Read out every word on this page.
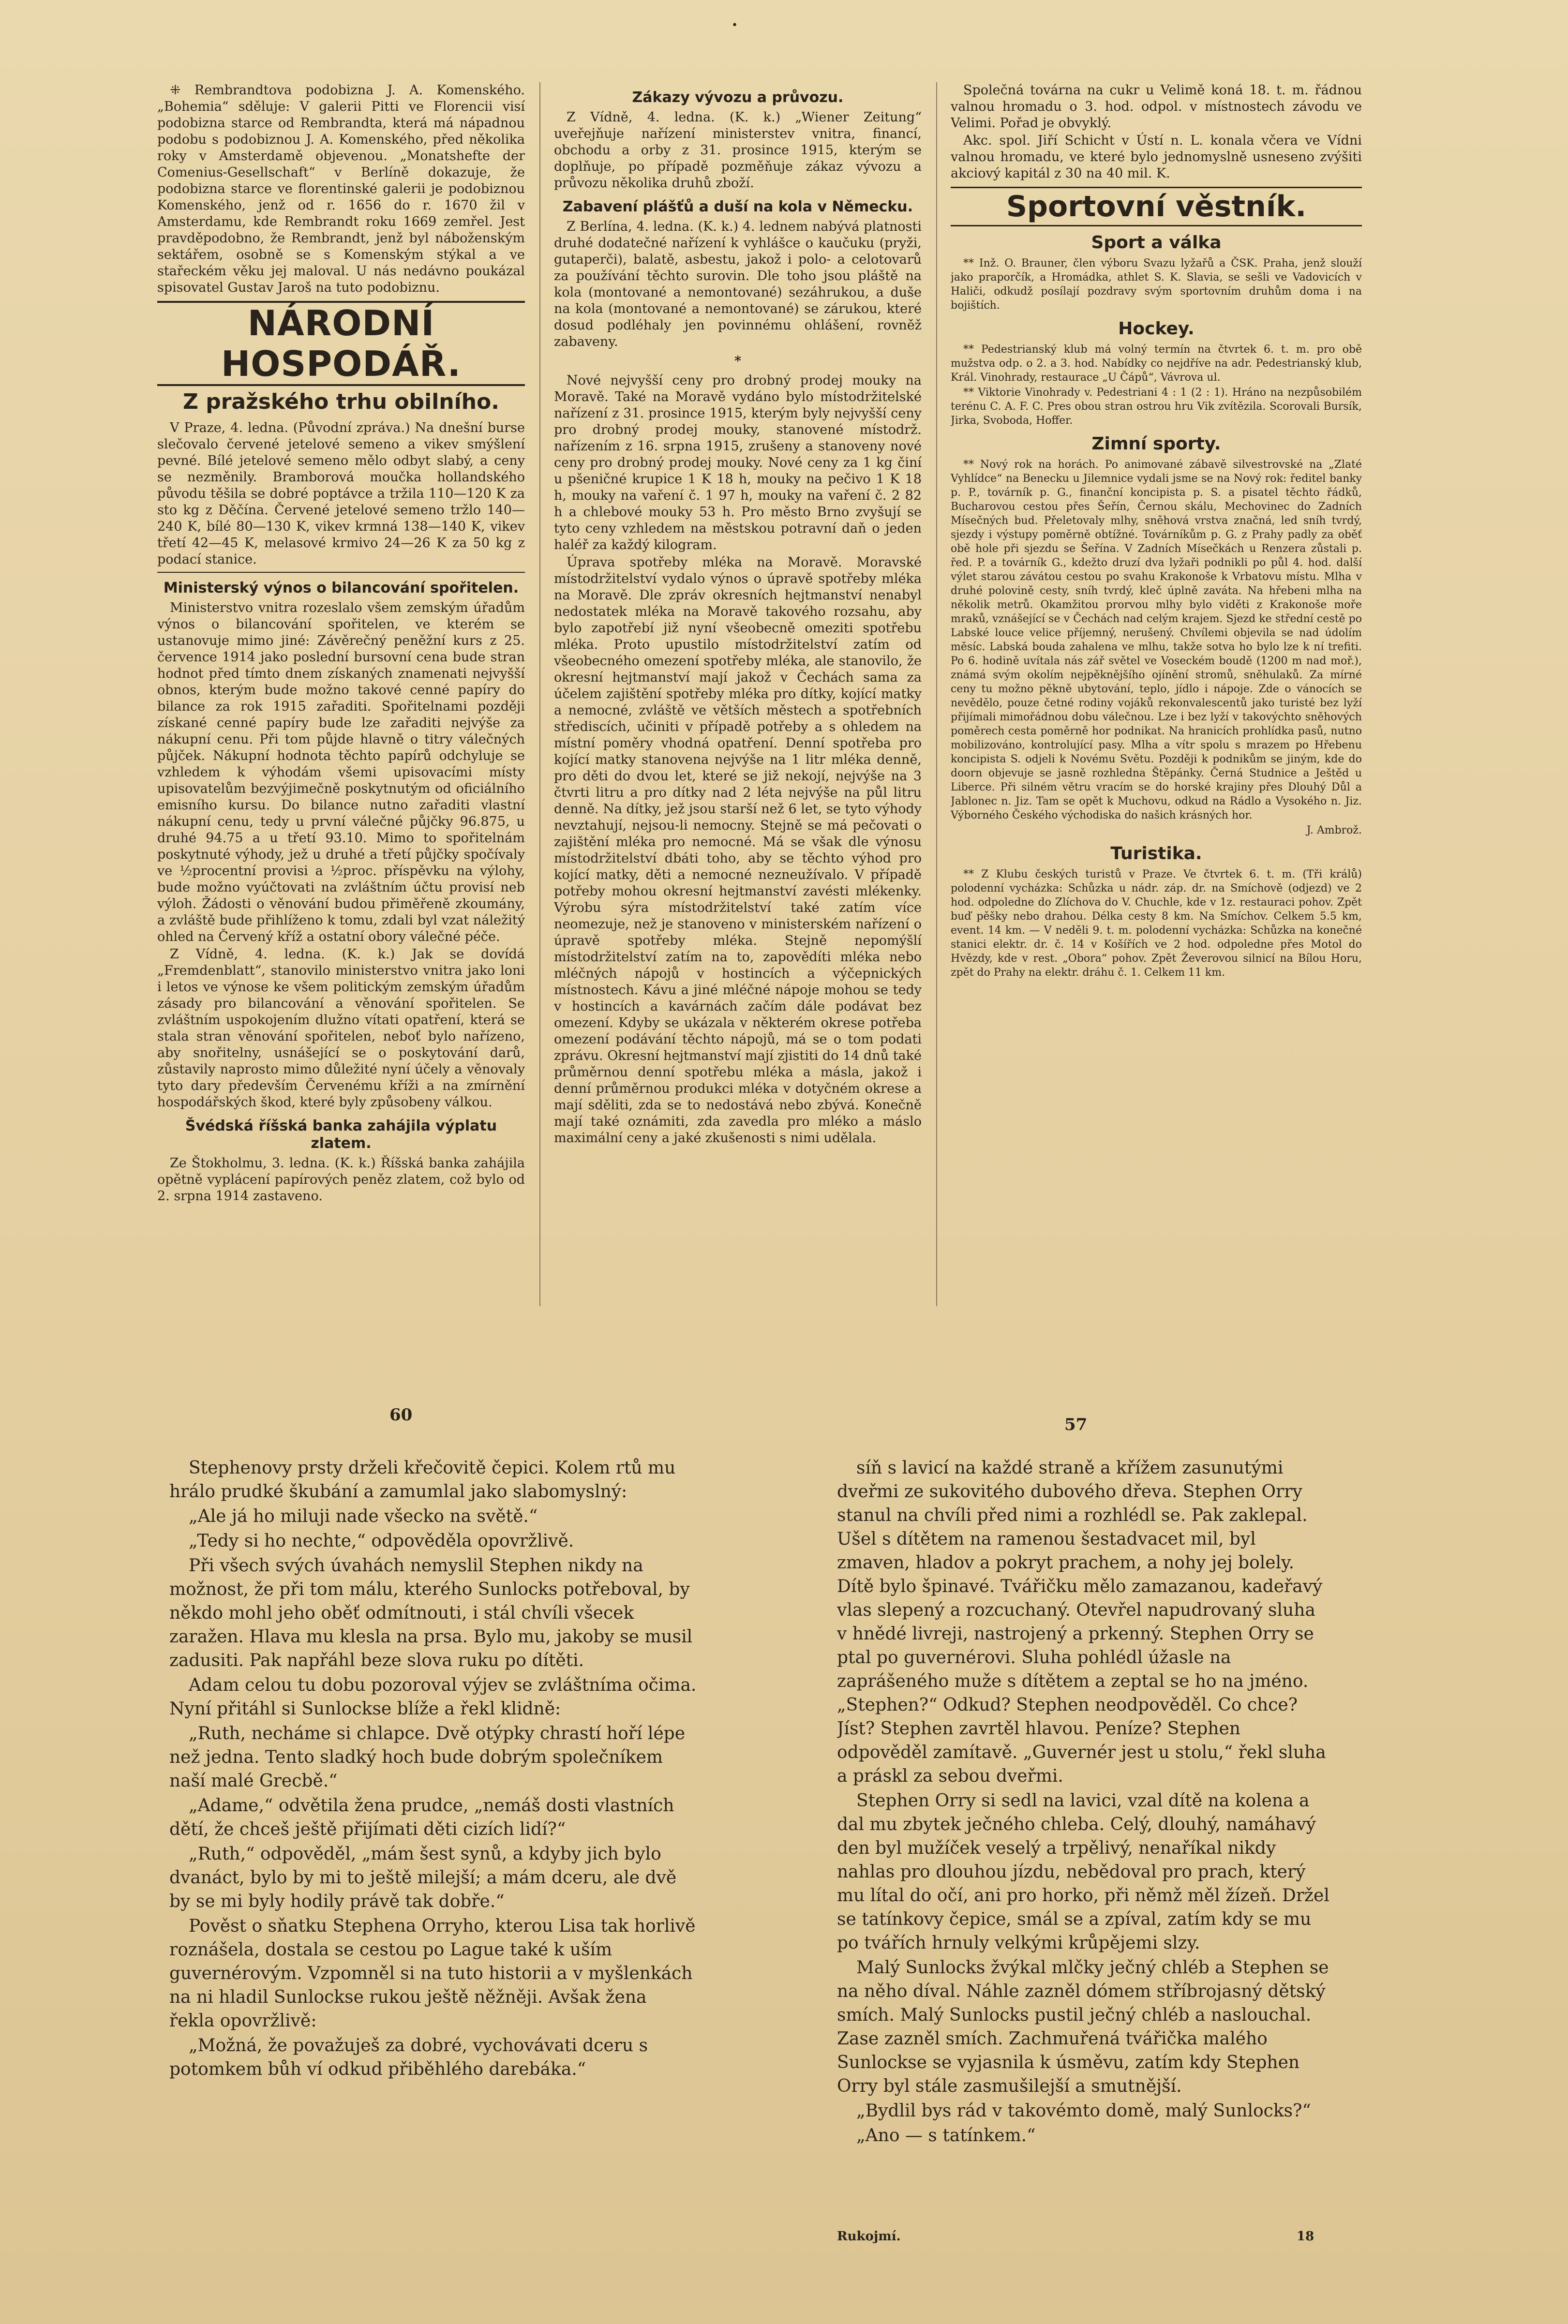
•

⁜ Rembrandtova podobizna J. A. Komenského. „Bohemia“ sděluje: V galerii Pitti ve Florencii visí podobizna starce od Rembrandta, která má nápadnou podobu s podobiznou J. A. Komenského, před několika roky v Amsterdamě objevenou. „Monatshefte der Comenius-Gesellschaft“ v Berlíně dokazuje, že podobizna starce ve florentinské galerii je podobiznou Komenského, jenž od r. 1656 do r. 1670 žil v Amsterdamu, kde Rembrandt roku 1669 zemřel. Jest pravděpodobno, že Rembrandt, jenž byl náboženským sektářem, osobně se s Komenským stýkal a ve stařeckém věku jej maloval. U nás nedávno poukázal spisovatel Gustav Jaroš na tuto podobiznu.

NÁRODNÍ HOSPODÁŘ.
Z pražského trhu obilního.

V Praze, 4. ledna. (Původní zpráva.) Na dnešní burse slečovalo červené jetelové semeno a vikev smýšlení pevné. Bílé jetelové semeno mělo odbyt slabý, a ceny se nezměnily. Bramborová moučka hollandského původu těšila se dobré poptávce a tržila 110—120 K za sto kg z Děčína. Červené jetelové semeno tržlo 140—240 K, bílé 80—130 K, vikev krmná 138—140 K, vikev třetí 42—45 K, melasové krmivo 24—26 K za 50 kg z podací stanice.

Ministerský výnos o bilancování spořitelen.

Ministerstvo vnitra rozeslalo všem zemským úřadům výnos o bilancování spořitelen, ve kterém se ustanovuje mimo jiné: Závěrečný peněžní kurs z 25. července 1914 jako poslední bursovní cena bude stran hodnot před tímto dnem získaných znamenati nejvyšší obnos, kterým bude možno takové cenné papíry do bilance za rok 1915 zařaditi. Spořitelnami později získané cenné papíry bude lze zařaditi nejvýše za nákupní cenu. Při tom půjde hlavně o titry válečných půjček. Nákupní hodnota těchto papírů odchyluje se vzhledem k výhodám všemi upisovacími místy upisovatelům bezvýjimečně poskytnutým od oficiálního emisního kursu. Do bilance nutno zařaditi vlastní nákupní cenu, tedy u první válečné půjčky 96.875, u druhé 94.75 a u třetí 93.10. Mimo to spořitelnám poskytnuté výhody, jež u druhé a třetí půjčky spočívaly ve ½procentní provisi a ½proc. příspěvku na výlohy, bude možno vyúčtovati na zvláštním účtu provisí neb výloh. Žádosti o věnování budou přiměřeně zkoumány, a zvláště bude přihlíženo k tomu, zdali byl vzat náležitý ohled na Červený kříž a ostatní obory válečné péče.

Z Vídně, 4. ledna. (K. k.) Jak se dovídá „Fremdenblatt“, stanovilo ministerstvo vnitra jako loni i letos ve výnose ke všem politickým zemským úřadům zásady pro bilancování a věnování spořitelen. Se zvláštním uspokojením dlužno vítati opatření, která se stala stran věnování spořitelen, neboť bylo nařízeno, aby snořitelny, usnášející se o poskytování darů, zůstavily naprosto mimo důležité nyní účely a věnovaly tyto dary především Červenému kříži a na zmírnění hospodářských škod, které byly způsobeny válkou.

Švédská říšská banka zahájila výplatu zlatem.

Ze Štokholmu, 3. ledna. (K. k.) Říšská banka zahájila opětně vyplácení papírových peněz zlatem, což bylo od 2. srpna 1914 zastaveno.

Zákazy vývozu a průvozu.

Z Vídně, 4. ledna. (K. k.) „Wiener Zeitung“ uveřejňuje nařízení ministerstev vnitra, financí, obchodu a orby z 31. prosince 1915, kterým se doplňuje, po případě pozměňuje zákaz vývozu a průvozu několika druhů zboží.

Zabavení plášťů a duší na kola v Německu.

Z Berlína, 4. ledna. (K. k.) 4. lednem nabývá platnosti druhé dodatečné nařízení k vyhlášce o kaučuku (pryži, gutaperči), balatě, asbestu, jakož i polo- a celotovarů za používání těchto surovin. Dle toho jsou pláště na kola (montované a nemontované) sezáhrukou, a duše na kola (montované a nemontované) se zárukou, které dosud podléhaly jen povinnému ohlášení, rovněž zabaveny.

*

Nové nejvyšší ceny pro drobný prodej mouky na Moravě. Také na Moravě vydáno bylo místodržitelské nařízení z 31. prosince 1915, kterým byly nejvyšší ceny pro drobný prodej mouky, stanovené místodrž. nařízením z 16. srpna 1915, zrušeny a stanoveny nové ceny pro drobný prodej mouky. Nové ceny za 1 kg činí u pšeničné krupice 1 K 18 h, mouky na pečivo 1 K 18 h, mouky na vaření č. 1 97 h, mouky na vaření č. 2 82 h a chlebové mouky 53 h. Pro město Brno zvyšují se tyto ceny vzhledem na městskou potravní daň o jeden haléř za každý kilogram.

Úprava spotřeby mléka na Moravě. Moravské místodržitelství vydalo výnos o úpravě spotřeby mléka na Moravě. Dle zpráv okresních hejtmanství nenabyl nedostatek mléka na Moravě takového rozsahu, aby bylo zapotřebí již nyní všeobecně omeziti spotřebu mléka. Proto upustilo místodržitelství zatím od všeobecného omezení spotřeby mléka, ale stanovilo, že okresní hejtmanství mají jakož v Čechách sama za účelem zajištění spotřeby mléka pro dítky, kojící matky a nemocné, zvláště ve větších městech a spotřebních střediscích, učiniti v případě potřeby a s ohledem na místní poměry vhodná opatření. Denní spotřeba pro kojící matky stanovena nejvýše na 1 litr mléka denně, pro děti do dvou let, které se již nekojí, nejvýše na 3 čtvrti litru a pro dítky nad 2 léta nejvýše na půl litru denně. Na dítky, jež jsou starší než 6 let, se tyto výhody nevztahují, nejsou-li nemocny. Stejně se má pečovati o zajištění mléka pro nemocné. Má se však dle výnosu místodržitelství dbáti toho, aby se těchto výhod pro kojící matky, děti a nemocné nezneužívalo. V případě potřeby mohou okresní hejtmanství zavésti mlékenky. Výrobu sýra místodržitelství také zatím více neomezuje, než je stanoveno v ministerském nařízení o úpravě spotřeby mléka. Stejně nepomýšlí místodržitelství zatím na to, zapovědíti mléka nebo mléčných nápojů v hostincích a výčepnických místnostech. Kávu a jiné mléčné nápoje mohou se tedy v hostincích a kavárnách začím dále podávat bez omezení. Kdyby se ukázala v některém okrese potřeba omezení podávání těchto nápojů, má se o tom podati zprávu. Okresní hejtmanství mají zjistiti do 14 dnů také průměrnou denní spotřebu mléka a másla, jakož i denní průměrnou produkci mléka v dotyčném okrese a mají sděliti, zda se to nedostává nebo zbývá. Konečně mají také oznámiti, zda zavedla pro mléko a máslo maximální ceny a jaké zkušenosti s nimi udělala.

Společná továrna na cukr u Velimě koná 18. t. m. řádnou valnou hromadu o 3. hod. odpol. v místnostech závodu ve Velimi. Pořad je obvyklý.

Akc. spol. Jiří Schicht v Ústí n. L. konala včera ve Vídni valnou hromadu, ve které bylo jednomyslně usneseno zvýšiti akciový kapitál z 30 na 40 mil. K.

Sportovní věstník.
Sport a válka

** Inž. O. Brauner, člen výboru Svazu lyžařů a ČSK. Praha, jenž slouží jako praporčík, a Hromádka, athlet S. K. Slavia, se sešli ve Vadovicích v Haliči, odkudž posílají pozdravy svým sportovním druhům doma i na bojištích.

Hockey.

** Pedestrianský klub má volný termín na čtvrtek 6. t. m. pro obě mužstva odp. o 2. a 3. hod. Nabídky co nejdříve na adr. Pedestrianský klub, Král. Vinohrady, restaurace „U Čápů“, Vávrova ul.

** Viktorie Vinohrady v. Pedestriani 4 : 1 (2 : 1). Hráno na nezpůsobilém terénu C. A. F. C. Pres obou stran ostrou hru Vik zvítězila. Scorovali Bursík, Jirka, Svoboda, Hoffer.

Zimní sporty.

** Nový rok na horách. Po animované zábavě silvestrovské na „Zlaté Vyhlídce“ na Benecku u Jilemnice vydali jsme se na Nový rok: ředitel banky p. P., továrník p. G., finanční koncipista p. S. a pisatel těchto řádků, Bucharovou cestou přes Šeřín, Černou skálu, Mechovinec do Zadních Mísečných bud. Přeletovaly mlhy, sněhová vrstva značná, led sníh tvrdý, sjezdy i výstupy poměrně obtížné. Továrníkům p. G. z Prahy padly za oběť obě hole při sjezdu se Šeřína. V Zadních Mísečkách u Renzera zůstali p. řed. P. a továrník G., kdežto druzí dva lyžaři podnikli po půl 4. hod. další výlet starou závátou cestou po svahu Krakonoše k Vrbatovu místu. Mlha v druhé polovině cesty, sníh tvrdý, kleč úplně zaváta. Na hřebeni mlha na několik metrů. Okamžitou prorvou mlhy bylo viděti z Krakonoše moře mraků, vznášející se v Čechách nad celým krajem. Sjezd ke střední cestě po Labské louce velice příjemný, nerušený. Chvílemi objevila se nad údolím měsíc. Labská bouda zahalena ve mlhu, takže sotva ho bylo lze k ní trefiti. Po 6. hodině uvítala nás zář světel ve Voseckém boudě (1200 m nad moř.), známá svým okolím nejpěknějšího ojínění stromů, sněhulaků. Za mírné ceny tu možno pěkně ubytování, teplo, jídlo i nápoje. Zde o vánocích se nevědělo, pouze četné rodiny vojáků rekonvalescentů jako turisté bez lyží přijímali mimořádnou dobu válečnou. Lze i bez lyží v takovýchto sněhových poměrech cesta poměrně hor podnikat. Na hranicích prohlídka pasů, nutno mobilizováno, kontrolující pasy. Mlha a vítr spolu s mrazem po Hřebenu koncipista S. odjeli k Novému Světu. Později k podnikům se jiným, kde do doorn objevuje se jasně rozhledna Štěpánky. Černá Studnice a Ještěd u Liberce. Při silném větru vracím se do horské krajiny přes Dlouhý Důl a Jablonec n. Jiz. Tam se opět k Muchovu, odkud na Rádlo a Vysokého n. Jiz. Výborného Českého východiska do našich krásných hor.

J. Ambrož.

Turistika.

** Z Klubu českých turistů v Praze. Ve čtvrtek 6. t. m. (Tři králů) polodenní vycházka: Schůzka u nádr. záp. dr. na Smíchově (odjezd) ve 2 hod. odpoledne do Zlíchova do V. Chuchle, kde v 1z. restauraci pohov. Zpět buď pěšky nebo drahou. Délka cesty 8 km. Na Smíchov. Celkem 5.5 km, event. 14 km. — V neděli 9. t. m. polodenní vycházka: Schůzka na konečné stanici elektr. dr. č. 14 v Košířích ve 2 hod. odpoledne přes Motol do Hvězdy, kde v rest. „Obora“ pohov. Zpět Ževerovou silnicí na Bílou Horu, zpět do Prahy na elektr. dráhu č. 1. Celkem 11 km.

60	57

Stephenovy prsty drželi křečovitě čepici. Kolem rtů mu hrálo prudké škubání a zamumlal jako slabomyslný:

„Ale já ho miluji nade všecko na světě.“

„Tedy si ho nechte,“ odpověděla opovržlivě.

Při všech svých úvahách nemyslil Stephen nikdy na možnost, že při tom málu, kterého Sunlocks potřeboval, by někdo mohl jeho oběť odmítnouti, i stál chvíli všecek zaražen. Hlava mu klesla na prsa. Bylo mu, jakoby se musil zadusiti. Pak napřáhl beze slova ruku po dítěti.

Adam celou tu dobu pozoroval výjev se zvláštníma očima. Nyní přitáhl si Sunlockse blíže a řekl klidně:

„Ruth, necháme si chlapce. Dvě otýpky chrastí hoří lépe než jedna. Tento sladký hoch bude dobrým společníkem naší malé Grecbě.“

„Adame,“ odvětila žena prudce, „nemáš dosti vlastních dětí, že chceš ještě přijímati děti cizích lidí?“

„Ruth,“ odpověděl, „mám šest synů, a kdyby jich bylo dvanáct, bylo by mi to ještě milejší; a mám dceru, ale dvě by se mi byly hodily právě tak dobře.“

Pověst o sňatku Stephena Orryho, kterou Lisa tak horlivě roznášela, dostala se cestou po Lague také k uším guvernérovým. Vzpomněl si na tuto historii a v myšlenkách na ni hladil Sunlockse rukou ještě něžněji. Avšak žena řekla opovržlivě:

„Možná, že považuješ za dobré, vychovávati dceru s potomkem bůh ví odkud přiběhlého darebáka.“

síň s lavicí na každé straně a křížem zasunutými dveřmi ze sukovitého dubového dřeva. Stephen Orry stanul na chvíli před nimi a rozhlédl se. Pak zaklepal. Ušel s dítětem na ramenou šestadvacet mil, byl zmaven, hladov a pokryt prachem, a nohy jej bolely. Dítě bylo špinavé. Tvářičku mělo zamazanou, kadeřavý vlas slepený a rozcuchaný. Otevřel napudrovaný sluha v hnědé livreji, nastrojený a prkenný. Stephen Orry se ptal po guvernérovi. Sluha pohlédl úžasle na zaprášeného muže s dítětem a zeptal se ho na jméno. „Stephen?“ Odkud? Stephen neodpověděl. Co chce? Jíst? Stephen zavrtěl hlavou. Peníze? Stephen odpověděl zamítavě. „Guvernér jest u stolu,“ řekl sluha a práskl za sebou dveřmi.

Stephen Orry si sedl na lavici, vzal dítě na kolena a dal mu zbytek ječného chleba. Celý, dlouhý, namáhavý den byl mužíček veselý a trpělivý, nenaříkal nikdy nahlas pro dlouhou jízdu, nebědoval pro prach, který mu lítal do očí, ani pro horko, při němž měl žízeň. Držel se tatínkovy čepice, smál se a zpíval, zatím kdy se mu po tvářích hrnuly velkými krůpějemi slzy.

Malý Sunlocks žvýkal mlčky ječný chléb a Stephen se na něho díval. Náhle zazněl dómem stříbrojasný dětský smích. Malý Sunlocks pustil ječný chléb a naslouchal. Zase zazněl smích. Zachmuřená tvářička malého Sunlockse se vyjasnila k úsměvu, zatím kdy Stephen Orry byl stále zasmušilejší a smutnější.

„Bydlil bys rád v takovémto domě, malý Sunlocks?“

„Ano — s tatínkem.“

Rukojmí.	18
